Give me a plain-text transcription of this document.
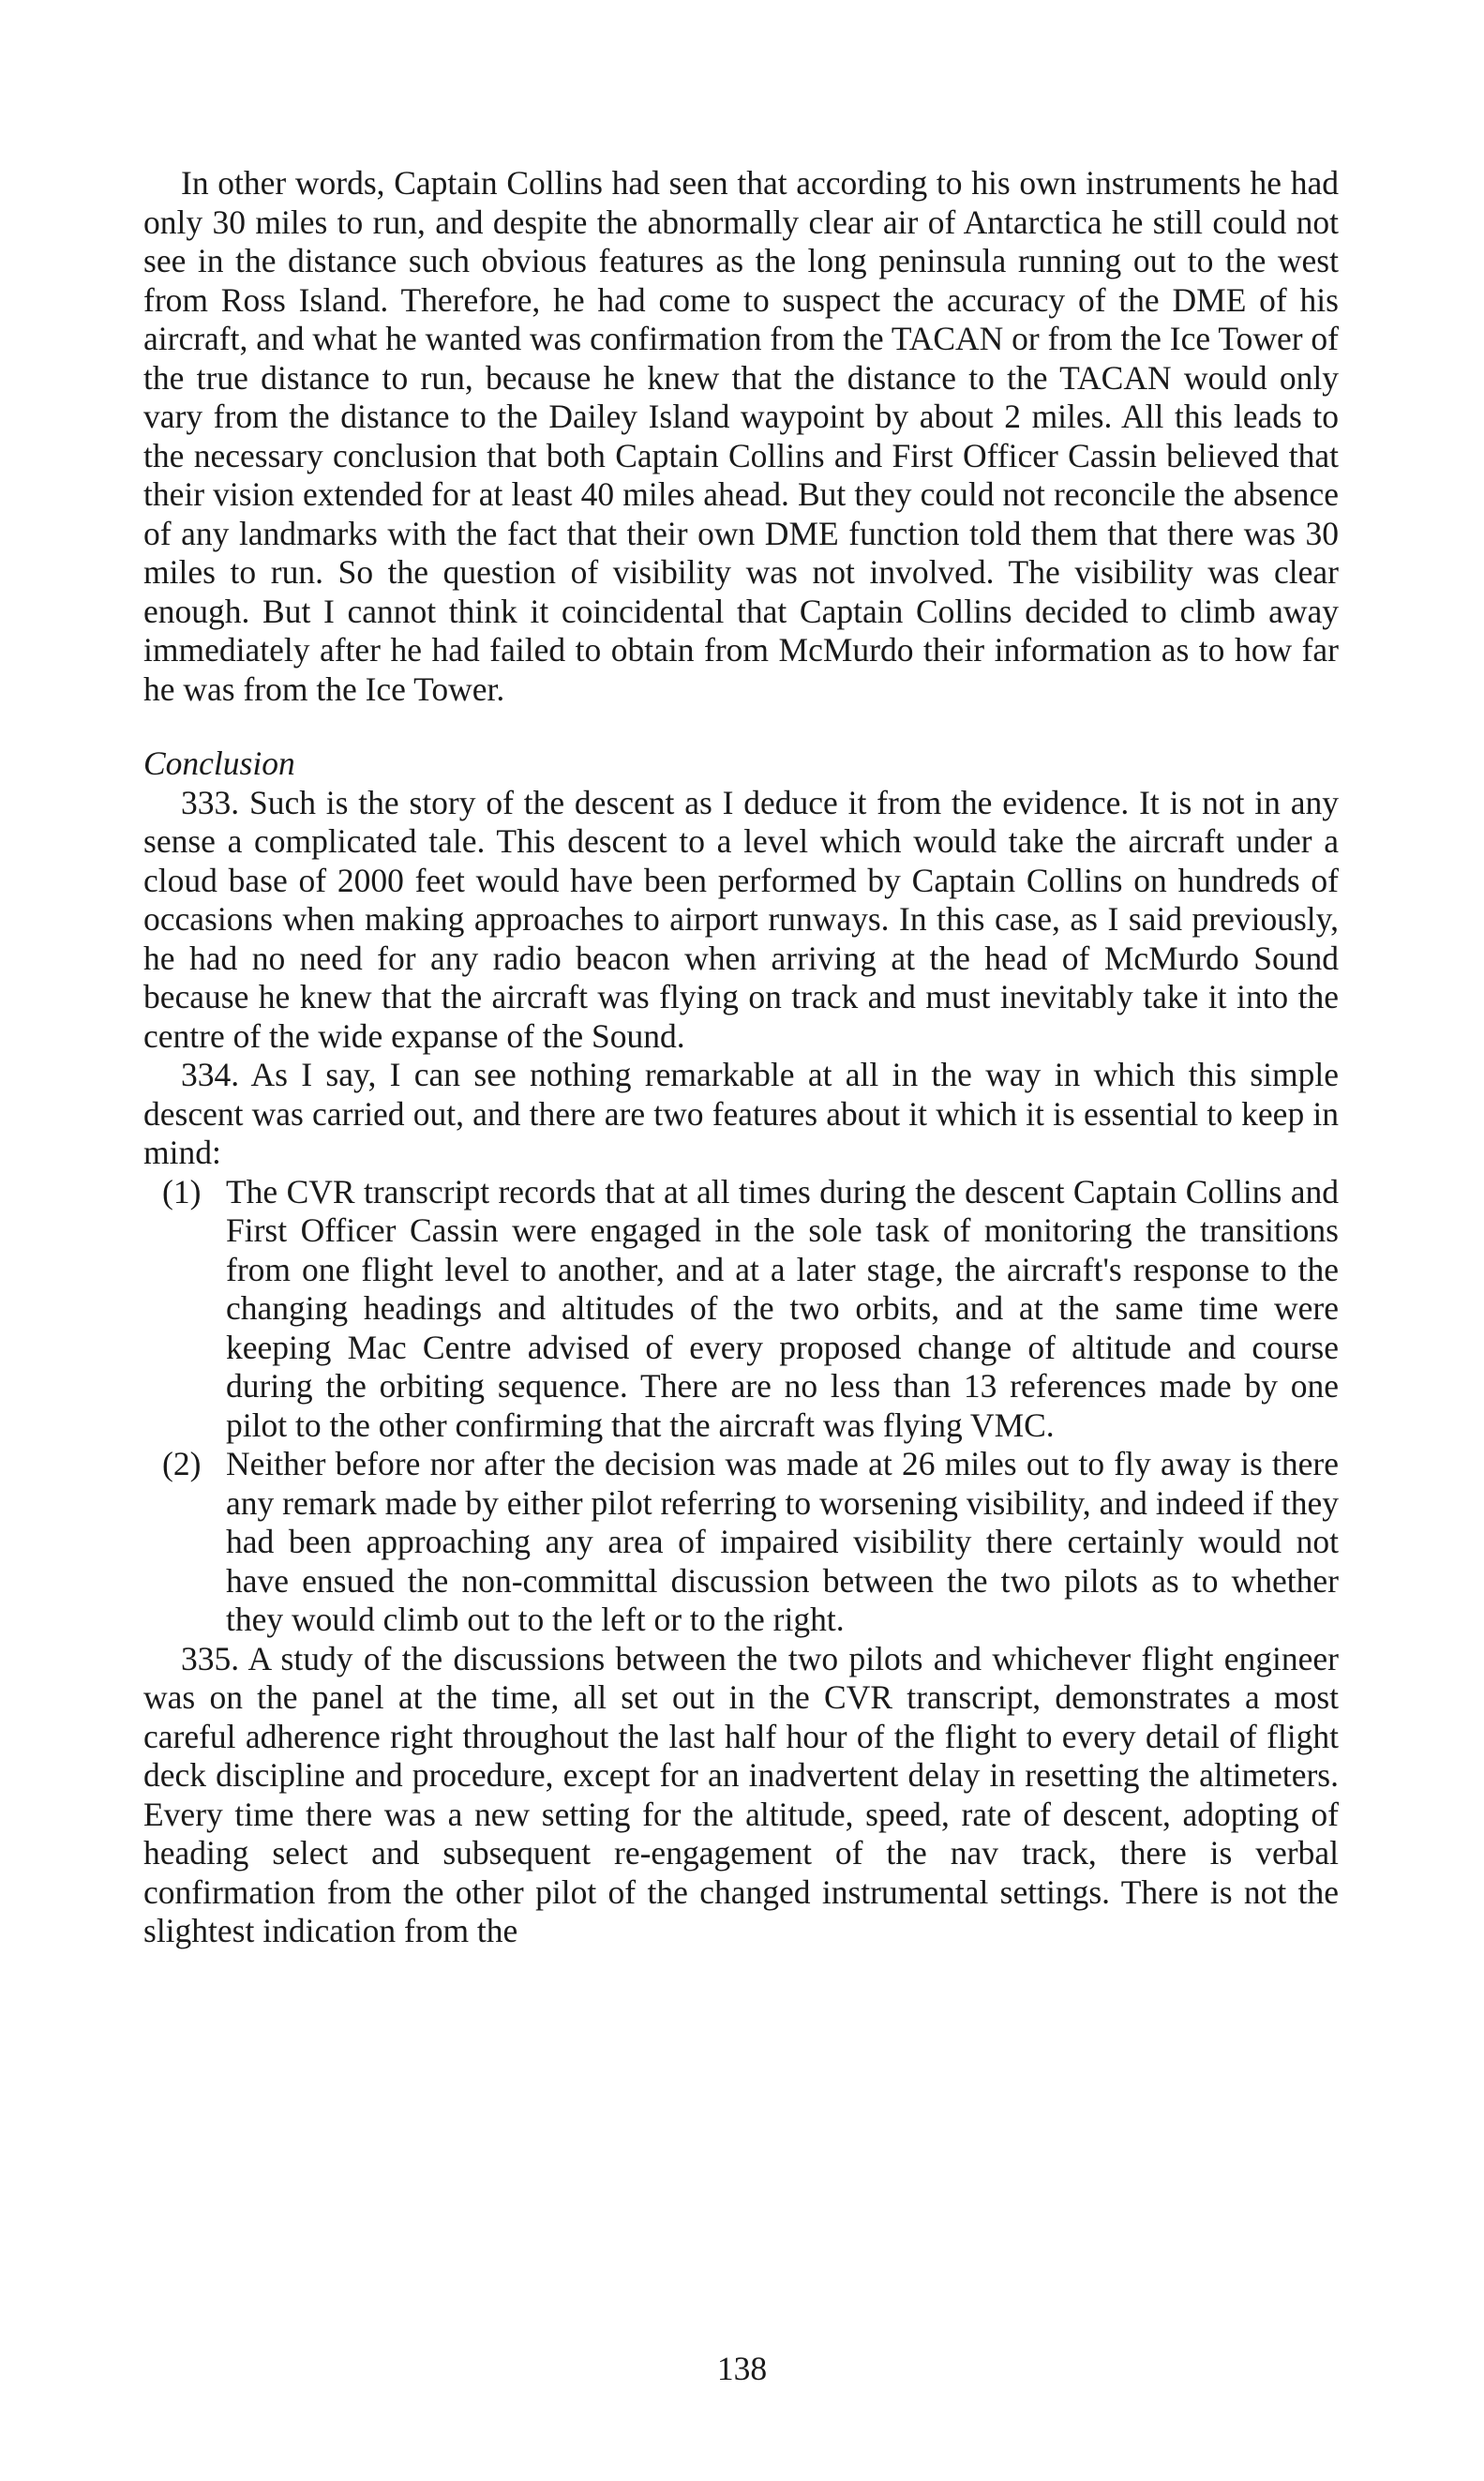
In other words, Captain Collins had seen that according to his own instruments he had only 30 miles to run, and despite the abnormally clear air of Antarctica he still could not see in the distance such obvious features as the long peninsula running out to the west from Ross Island. Therefore, he had come to suspect the accuracy of the DME of his aircraft, and what he wanted was confirmation from the TACAN or from the Ice Tower of the true distance to run, because he knew that the distance to the TACAN would only vary from the distance to the Dailey Island waypoint by about 2 miles. All this leads to the necessary conclusion that both Captain Collins and First Officer Cassin believed that their vision extended for at least 40 miles ahead. But they could not reconcile the absence of any landmarks with the fact that their own DME function told them that there was 30 miles to run. So the question of visibility was not involved. The visibility was clear enough. But I cannot think it coincidental that Captain Collins decided to climb away immediately after he had failed to obtain from McMurdo their information as to how far he was from the Ice Tower.

Conclusion

333. Such is the story of the descent as I deduce it from the evidence. It is not in any sense a complicated tale. This descent to a level which would take the aircraft under a cloud base of 2000 feet would have been performed by Captain Collins on hundreds of occasions when making approaches to airport runways. In this case, as I said previously, he had no need for any radio beacon when arriving at the head of McMurdo Sound because he knew that the aircraft was flying on track and must inevitably take it into the centre of the wide expanse of the Sound.

334. As I say, I can see nothing remarkable at all in the way in which this simple descent was carried out, and there are two features about it which it is essential to keep in mind:

(1) The CVR transcript records that at all times during the descent Captain Collins and First Officer Cassin were engaged in the sole task of monitoring the transitions from one flight level to another, and at a later stage, the aircraft's response to the changing headings and altitudes of the two orbits, and at the same time were keeping Mac Centre advised of every proposed change of altitude and course during the orbiting sequence. There are no less than 13 references made by one pilot to the other confirming that the aircraft was flying VMC.
(2) Neither before nor after the decision was made at 26 miles out to fly away is there any remark made by either pilot referring to worsening visibility, and indeed if they had been approaching any area of impaired visibility there certainly would not have ensued the non-committal discussion between the two pilots as to whether they would climb out to the left or to the right.

335. A study of the discussions between the two pilots and whichever flight engineer was on the panel at the time, all set out in the CVR transcript, demonstrates a most careful adherence right throughout the last half hour of the flight to every detail of flight deck discipline and procedure, except for an inadvertent delay in resetting the altimeters. Every time there was a new setting for the altitude, speed, rate of descent, adopting of heading select and subsequent re-engagement of the nav track, there is verbal confirmation from the other pilot of the changed instrumental settings. There is not the slightest indication from the

138
